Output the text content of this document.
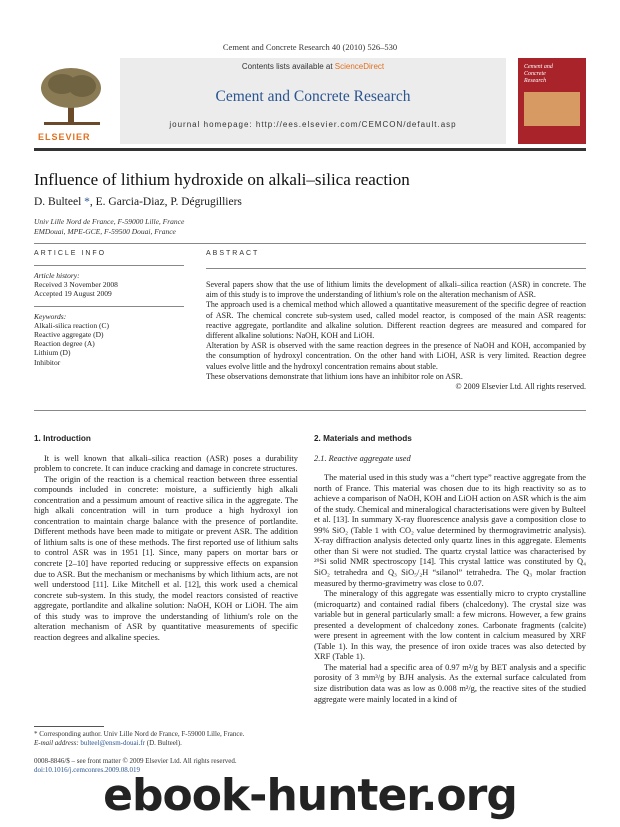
Cement and Concrete Research 40 (2010) 526–530
ELSEVIER
Contents lists available at ScienceDirect
Cement and Concrete Research
journal homepage: http://ees.elsevier.com/CEMCON/default.asp
Cement and
Concrete
Research
Influence of lithium hydroxide on alkali–silica reaction
D. Bulteel *, E. Garcia-Diaz, P. Dégrugilliers
Univ Lille Nord de France, F-59000 Lille, France
EMDouai, MPE-GCE, F-59500 Douai, France
ARTICLE INFO
Article history:
Received 3 November 2008
Accepted 19 August 2009
Keywords:
Alkali-silica reaction (C)
Reactive aggregate (D)
Reaction degree (A)
Lithium (D)
Inhibitor
ABSTRACT

Several papers show that the use of lithium limits the development of alkali–silica reaction (ASR) in concrete. The aim of this study is to improve the understanding of lithium's role on the alteration mechanism of ASR.

The approach used is a chemical method which allowed a quantitative measurement of the specific degree of reaction of ASR. The chemical concrete sub-system used, called model reactor, is composed of the main ASR reagents: reactive aggregate, portlandite and alkaline solution. Different reaction degrees are measured and compared for different alkaline solutions: NaOH, KOH and LiOH.

Alteration by ASR is observed with the same reaction degrees in the presence of NaOH and KOH, accompanied by the consumption of hydroxyl concentration. On the other hand with LiOH, ASR is very limited. Reaction degree values evolve little and the hydroxyl concentration remains about stable.

These observations demonstrate that lithium ions have an inhibitor role on ASR.

© 2009 Elsevier Ltd. All rights reserved.

1. Introduction

It is well known that alkali–silica reaction (ASR) poses a durability problem to concrete. It can induce cracking and damage in concrete structures.

The origin of the reaction is a chemical reaction between three essential compounds included in concrete: moisture, a sufficiently high alkali concentration and a pessimum amount of reactive silica in the aggregate. The high alkali concentration will in turn produce a high hydroxyl ion concentration to maintain charge balance with the presence of portlandite. Different methods have been made to mitigate or prevent ASR. The addition of lithium salts is one of these methods. The first reported use of lithium salts to control ASR was in 1951 [1]. Since, many papers on mortar bars or concrete [2–10] have reported reducing or suppressive effects on expansion due to ASR. But the mechanism or mechanisms by which lithium acts, are not well understood [11]. Like Mitchell et al. [12], this work used a chemical concrete sub-system. In this study, the model reactors consisted of reactive aggregate, portlandite and alkaline solution: NaOH, KOH or LiOH. The aim of this study was to improve the understanding of lithium's role on the alteration mechanism of ASR by quantitative measurements of specific reaction degrees and alkaline species.

2. Materials and methods
2.1. Reactive aggregate used

The material used in this study was a “chert type” reactive aggregate from the north of France. This material was chosen due to its high reactivity so as to achieve a comparison of NaOH, KOH and LiOH action on ASR which is the aim of the study. Chemical and mineralogical characterisations were given by Bulteel et al. [13]. In summary X-ray fluorescence analysis gave a composition close to 99% SiO₂ (Table 1 with CO₂ value determined by thermogravimetric analysis). X-ray diffraction analysis detected only quartz lines in this aggregate. Elements other than Si were not studied. The quartz crystal lattice was characterised by ²⁹Si solid NMR spectroscopy [14]. This crystal lattice was constituted by Q₄ SiO₂ tetrahedra and Q₃ SiO₅/₂H “silanol” tetrahedra. The Q₃ molar fraction measured by thermo-gravimetry was close to 0.07.

The mineralogy of this aggregate was essentially micro to crypto crystalline (microquartz) and contained radial fibers (chalcedony). The crystal size was variable but in general particularly small: a few microns. However, a few grains presented a development of chalcedony zones. Carbonate fragments (calcite) were present in agreement with the low content in calcium measured by XRF (Table 1). In this way, the presence of iron oxide traces was also detected by XRF (Table 1).

The material had a specific area of 0.97 m²/g by BET analysis and a specific porosity of 3 mm³/g by BJH analysis. As the external surface calculated from size distribution data was as low as 0.008 m²/g, the reactive sites of the studied aggregate were mainly located in a kind of

* Corresponding author. Univ Lille Nord de France, F-59000 Lille, France.
E-mail address: bulteel@ensm-douai.fr (D. Bulteel).
0008-8846/$ – see front matter © 2009 Elsevier Ltd. All rights reserved.
doi:10.1016/j.cemconres.2009.08.019
ebook-hunter.org
